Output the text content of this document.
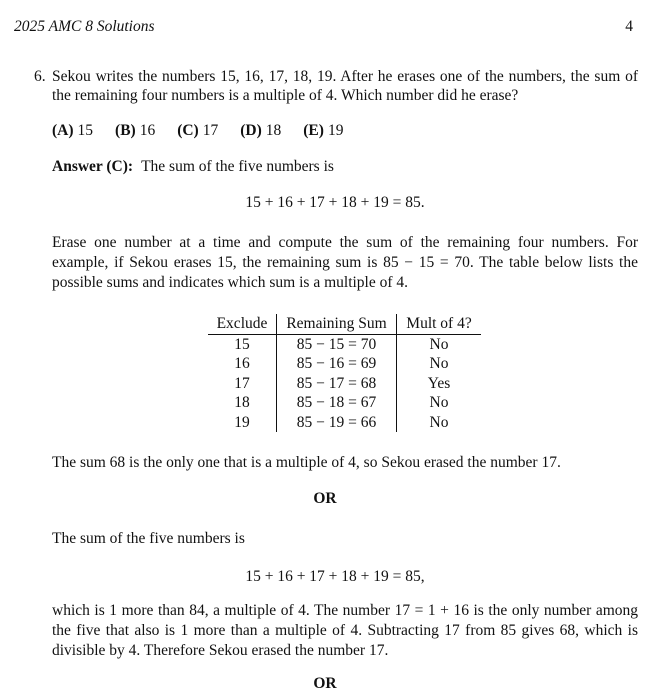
2025 AMC 8 Solutions	4
6. Sekou writes the numbers 15, 16, 17, 18, 19. After he erases one of the numbers, the sum of the remaining four numbers is a multiple of 4. Which number did he erase?
(A) 15 (B) 16 (C) 17 (D) 18 (E) 19
Answer (C): The sum of the five numbers is
15 + 16 + 17 + 18 + 19 = 85.
Erase one number at a time and compute the sum of the remaining four numbers. For example, if Sekou erases 15, the remaining sum is 85 − 15 = 70. The table below lists the possible sums and indicates which sum is a multiple of 4.
Exclude	Remaining Sum	Mult of 4?
15	85 − 15 = 70	No
16	85 − 16 = 69	No
17	85 − 17 = 68	Yes
18	85 − 18 = 67	No
19	85 − 19 = 66	No
The sum 68 is the only one that is a multiple of 4, so Sekou erased the number 17.
OR
The sum of the five numbers is
15 + 16 + 17 + 18 + 19 = 85,
which is 1 more than 84, a multiple of 4. The number 17 = 1 + 16 is the only number among the five that also is 1 more than a multiple of 4. Subtracting 17 from 85 gives 68, which is divisible by 4. Therefore Sekou erased the number 17.
OR
